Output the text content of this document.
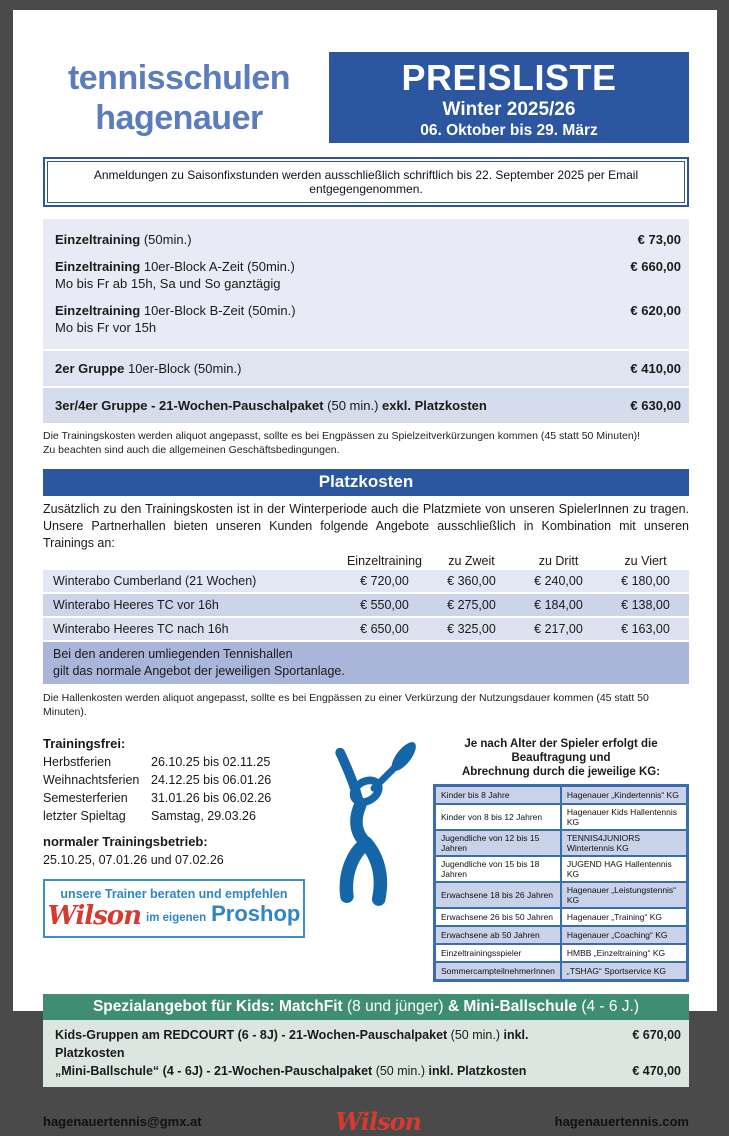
tennisschulen
hagenauer
PREISLISTE
Winter 2025/26
06. Oktober bis 29. März
Anmeldungen zu Saisonfixstunden werden ausschließlich schriftlich bis 22. September 2025 per Email entgegengenommen.
Einzeltraining (50min.)	€ 73,00
Einzeltraining 10er-Block A-Zeit (50min.)
Mo bis Fr ab 15h, Sa und So ganztägig
€ 660,00
Einzeltraining 10er-Block B-Zeit (50min.)
Mo bis Fr vor 15h
€ 620,00
2er Gruppe 10er-Block (50min.)	€ 410,00
3er/4er Gruppe - 21-Wochen-Pauschalpaket (50 min.) exkl. Platzkosten	€ 630,00
Die Trainingskosten werden aliquot angepasst, sollte es bei Engpässen zu Spielzeitverkürzungen kommen (45 statt 50 Minuten)!
Zu beachten sind auch die allgemeinen Geschäftsbedingungen.
Platzkosten
Zusätzlich zu den Trainingskosten ist in der Winterperiode auch die Platzmiete von unseren SpielerInnen zu tragen. Unsere Partnerhallen bieten unseren Kunden folgende Angebote ausschließlich in Kombination mit unseren Trainings an:
Einzeltraining	zu Zweit	zu Dritt	zu Viert
Winterabo Cumberland (21 Wochen)	€ 720,00	€ 360,00	€ 240,00	€ 180,00
Winterabo Heeres TC vor 16h	€ 550,00	€ 275,00	€ 184,00	€ 138,00
Winterabo Heeres TC nach 16h	€ 650,00	€ 325,00	€ 217,00	€ 163,00
Bei den anderen umliegenden Tennishallen
gilt das normale Angebot der jeweiligen Sportanlage.
Die Hallenkosten werden aliquot angepasst, sollte es bei Engpässen zu einer Verkürzung der Nutzungsdauer kommen (45 statt 50 Minuten).
Trainingsfrei:
Herbstferien	26.10.25 bis 02.11.25
Weihnachtsferien 24.12.25 bis 06.01.26
Semesterferien	31.01.26 bis 06.02.26
letzter Spieltag	Samstag, 29.03.26
normaler Trainingsbetrieb:
25.10.25, 07.01.26 und 07.02.26
unsere Trainer beraten und empfehlen
Wilson im eigenen Proshop
Je nach Alter der Spieler erfolgt die Beauftragung und
Abrechnung durch die jeweilige KG:
Kinder bis 8 Jahre	Hagenauer „Kindertennis“ KG
Kinder von 8 bis 12 Jahren	Hagenauer Kids Hallentennis KG
Jugendliche von 12 bis 15 Jahren	TENNIS4JUNIORS Wintertennis KG
Jugendliche von 15 bis 18 Jahren	JUGEND HAG Hallentennis KG
Erwachsene 18 bis 26 Jahren	Hagenauer „Leistungstennis“ KG
Erwachsene 26 bis 50 Jahren	Hagenauer „Training“ KG
Erwachsene ab 50 Jahren	Hagenauer „Coaching“ KG
Einzeltrainingsspieler	HMBB „Einzeltraining“ KG
SommercampteilnehmerInnen	„TSHAG“ Sportservice KG
Spezialangebot für Kids: MatchFit (8 und jünger) & Mini-Ballschule (4 - 6 J.)
Kids-Gruppen am REDCOURT (6 - 8J) - 21-Wochen-Pauschalpaket (50 min.) inkl. Platzkosten
€ 670,00
„Mini-Ballschule“ (4 - 6J) - 21-Wochen-Pauschalpaket (50 min.) inkl. Platzkosten	€ 470,00
hagenauertennis@gmx.at	Wilson	hagenauertennis.com
